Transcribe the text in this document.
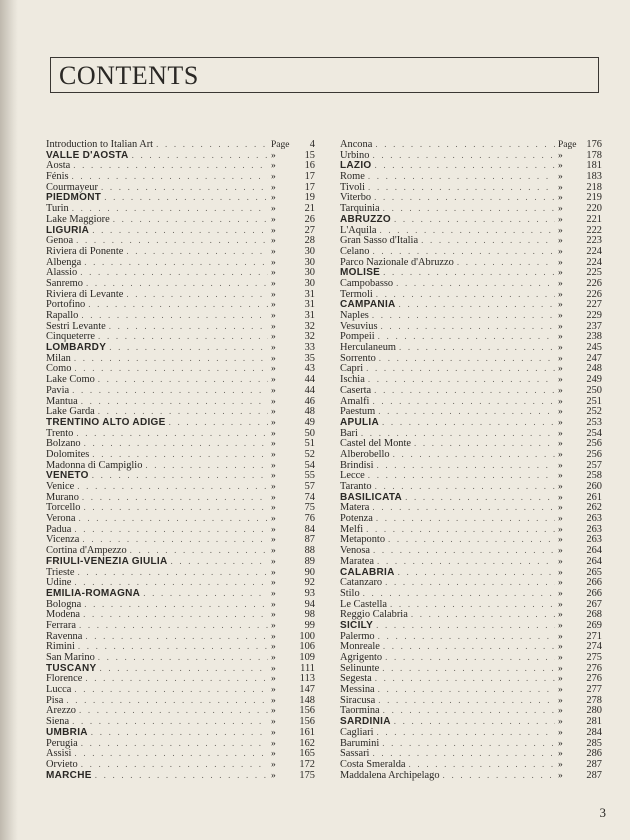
CONTENTS
Introduction to Italian Art . . .	Page	4
VALLE D'AOSTA . . .	»	15
Aosta . . .	»	16
Fénis . . .	»	17
Courmayeur . . .	»	17
PIEDMONT . . .	»	19
Turin . . .	»	21
Lake Maggiore . . .	»	26
LIGURIA . . .	»	27
Genoa . . .	»	28
Riviera di Ponente . . .	»	30
Albenga . . .	»	30
Alassio . . .	»	30
Sanremo . . .	»	30
Riviera di Levante . . .	»	31
Portofino . . .	»	31
Rapallo . . .	»	31
Sestri Levante . . .	»	32
Cinqueterre . . .	»	32
LOMBARDY . . .	»	33
Milan . . .	»	35
Como . . .	»	43
Lake Como . . .	»	44
Pavia . . .	»	44
Mantua . . .	»	46
Lake Garda . . .	»	48
TRENTINO ALTO ADIGE . . .	»	49
Trento . . .	»	50
Bolzano . . .	»	51
Dolomites . . .	»	52
Madonna di Campiglio . . .	»	54
VENETO . . .	»	55
Venice . . .	»	57
Murano . . .	»	74
Torcello . . .	»	75
Verona . . .	»	76
Padua . . .	»	84
Vicenza . . .	»	87
Cortina d'Ampezzo . . .	»	88
FRIULI-VENEZIA GIULIA . . .	»	89
Trieste . . .	»	90
Udine . . .	»	92
EMILIA-ROMAGNA . . .	»	93
Bologna . . .	»	94
Modena . . .	»	98
Ferrara . . .	»	99
Ravenna . . .	»	100
Rimini . . .	»	106
San Marino . . .	»	109
TUSCANY . . .	»	111
Florence . . .	»	113
Lucca . . .	»	147
Pisa . . .	»	148
Arezzo . . .	»	156
Siena . . .	»	156
UMBRIA . . .	»	161
Perugia . . .	»	162
Assisi . . .	»	165
Orvieto . . .	»	172
MARCHE . . .	»	175
Ancona . . .	Page 176
Urbino . . .	»	178
LAZIO . . .	»	181
Rome . . .	»	183
Tivoli . . .	»	218
Viterbo . . .	»	219
Tarquinia . . .	»	220
ABRUZZO . . .	»	221
L'Aquila . . .	»	222
Gran Sasso d'Italia . . .	»	223
Celano . . .	»	224
Parco Nazionale d'Abruzzo . . .	»	224
MOLISE . . .	»	225
Campobasso . . .	»	226
Termoli . . .	»	226
CAMPANIA . . .	»	227
Naples . . .	»	229
Vesuvius . . .	»	237
Pompeii . . .	»	238
Herculaneum . . .	»	245
Sorrento . . .	»	247
Capri . . .	»	248
Ischia . . .	»	249
Caserta . . .	»	250
Amalfi . . .	»	251
Paestum . . .	»	252
APULIA . . .	»	253
Bari . . .	»	254
Castel del Monte . . .	»	256
Alberobello . . .	»	256
Brindisi . . .	»	257
Lecce . . .	»	258
Taranto . . .	»	260
BASILICATA . . .	»	261
Matera . . .	»	262
Potenza . . .	»	263
Melfi . . .	»	263
Metaponto . . .	»	263
Venosa . . .	»	264
Maratea . . .	»	264
CALABRIA . . .	»	265
Catanzaro . . .	»	266
Stilo . . .	»	266
Le Castella . . .	»	267
Reggio Calabria . . .	»	268
SICILY . . .	»	269
Palermo . . .	»	271
Monreale . . .	»	274
Agrigento . . .	»	275
Selinunte . . .	»	276
Segesta . . .	»	276
Messina . . .	»	277
Siracusa . . .	»	278
Taormina . . .	»	280
SARDINIA . . .	»	281
Cagliari . . .	»	284
Barumini . . .	»	285
Sassari . . .	»	286
Costa Smeralda . . .	»	287
Maddalena Archipelago . . .	»	287
3
